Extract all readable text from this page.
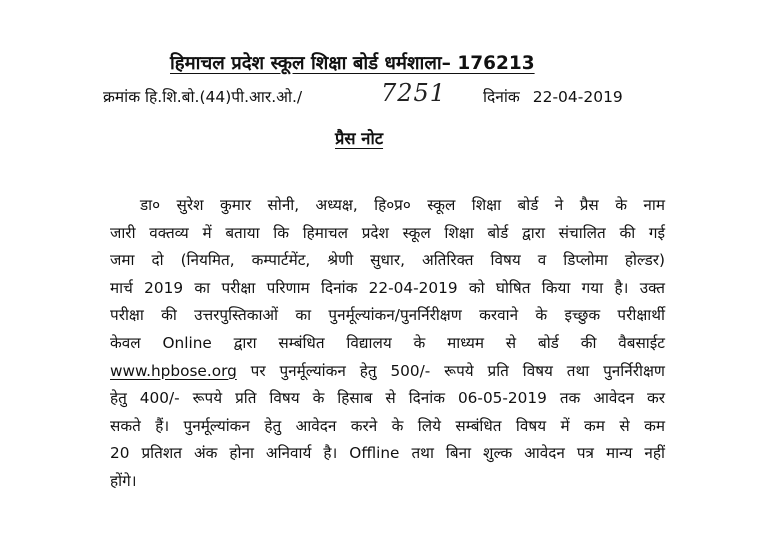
हिमाचल प्रदेश स्कूल शिक्षा बोर्ड धर्मशाला– 176213
क्रमांक हि.शि.बो.(44)पी.आर.ओ./	7251 दिनांक 22-04-2019
प्रैस नोट
डा० सुरेश कुमार सोनी, अध्यक्ष, हि०प्र० स्कूल शिक्षा बोर्ड ने प्रैस के नाम
जारी वक्तव्य में बताया कि हिमाचल प्रदेश स्कूल शिक्षा बोर्ड द्वारा संचालित की गई
जमा दो (नियमित, कम्पार्टमेंट, श्रेणी सुधार, अतिरिक्त विषय व डिप्लोमा होल्डर)
मार्च 2019 का परीक्षा परिणाम दिनांक 22-04-2019 को घोषित किया गया है। उक्त
परीक्षा की उत्तरपुस्तिकाओं का पुनर्मूल्यांकन/पुनर्निरीक्षण करवाने के इच्छुक परीक्षार्थी
केवल Online द्वारा सम्बंधित विद्यालय के माध्यम से बोर्ड की वैबसाईट
www.hpbose.org पर पुनर्मूल्यांकन हेतु 500/- रूपये प्रति विषय तथा पुनर्निरीक्षण
हेतु 400/- रूपये प्रति विषय के हिसाब से दिनांक 06-05-2019 तक आवेदन कर
सकते हैं। पुनर्मूल्यांकन हेतु आवेदन करने के लिये सम्बंधित विषय में कम से कम
20 प्रतिशत अंक होना अनिवार्य है। Offline तथा बिना शुल्क आवेदन पत्र मान्य नहीं
होंगे।
